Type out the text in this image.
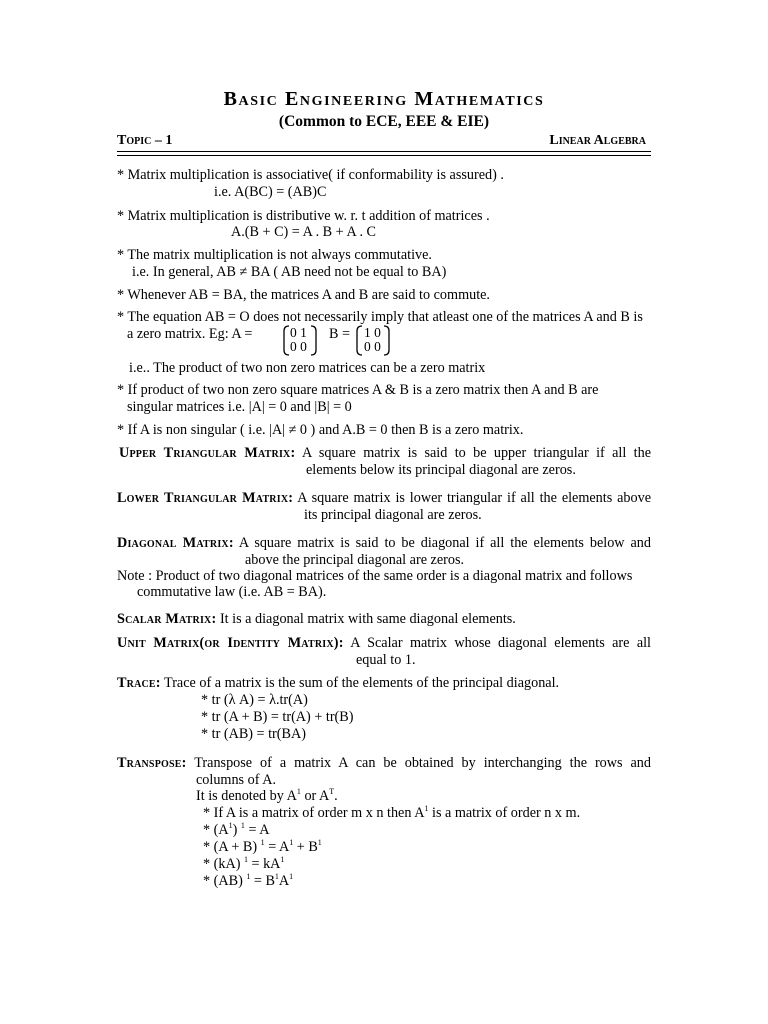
Basic Engineering Mathematics
(Common to ECE, EEE & EIE)
Topic – 1	Linear Algebra
* Matrix multiplication is associative( if conformability is assured) .
i.e. A(BC) = (AB)C
* Matrix multiplication is distributive w. r. t addition of matrices .
A.(B + C) = A . B + A . C
* The matrix multiplication is not always commutative.
i.e. In general, AB ≠ BA ( AB need not be equal to BA)
* Whenever AB = BA, the matrices A and B are said to commute.
* The equation AB = O does not necessarily imply that atleast one of the matrices A and B is
a zero matrix. Eg: A =	0 1
0 0
B =	1 0
0 0
i.e.. The product of two non zero matrices can be a zero matrix
* If product of two non zero square matrices A & B is a zero matrix then A and B are
singular matrices i.e. |A| = 0 and |B| = 0
* If A is non singular ( i.e. |A| ≠ 0 ) and A.B = 0 then B is a zero matrix.
Upper Triangular Matrix: A square matrix is said to be upper triangular if all the
elements below its principal diagonal are zeros.
Lower Triangular Matrix: A square matrix is lower triangular if all the elements above
its principal diagonal are zeros.
Diagonal Matrix: A square matrix is said to be diagonal if all the elements below and
above the principal diagonal are zeros.
Note : Product of two diagonal matrices of the same order is a diagonal matrix and follows
commutative law (i.e. AB = BA).
Scalar Matrix: It is a diagonal matrix with same diagonal elements.
Unit Matrix(or Identity Matrix): A Scalar matrix whose diagonal elements are all
equal to 1.
Trace: Trace of a matrix is the sum of the elements of the principal diagonal.
* tr (λ A) = λ.tr(A)
* tr (A + B) = tr(A) + tr(B)
* tr (AB) = tr(BA)
Transpose: Transpose of a matrix A can be obtained by interchanging the rows and
columns of A.
It is denoted by $A^1$ or $A^T$.
* If A is a matrix of order m x n then $A^1$ is a matrix of order n x m.
* $(A^1) ^1 = A$
* (A + B) $^1 = A^1 + B^1$
* (kA) $^1 = kA^1$
* (AB) $^1 = B^1A^1$
